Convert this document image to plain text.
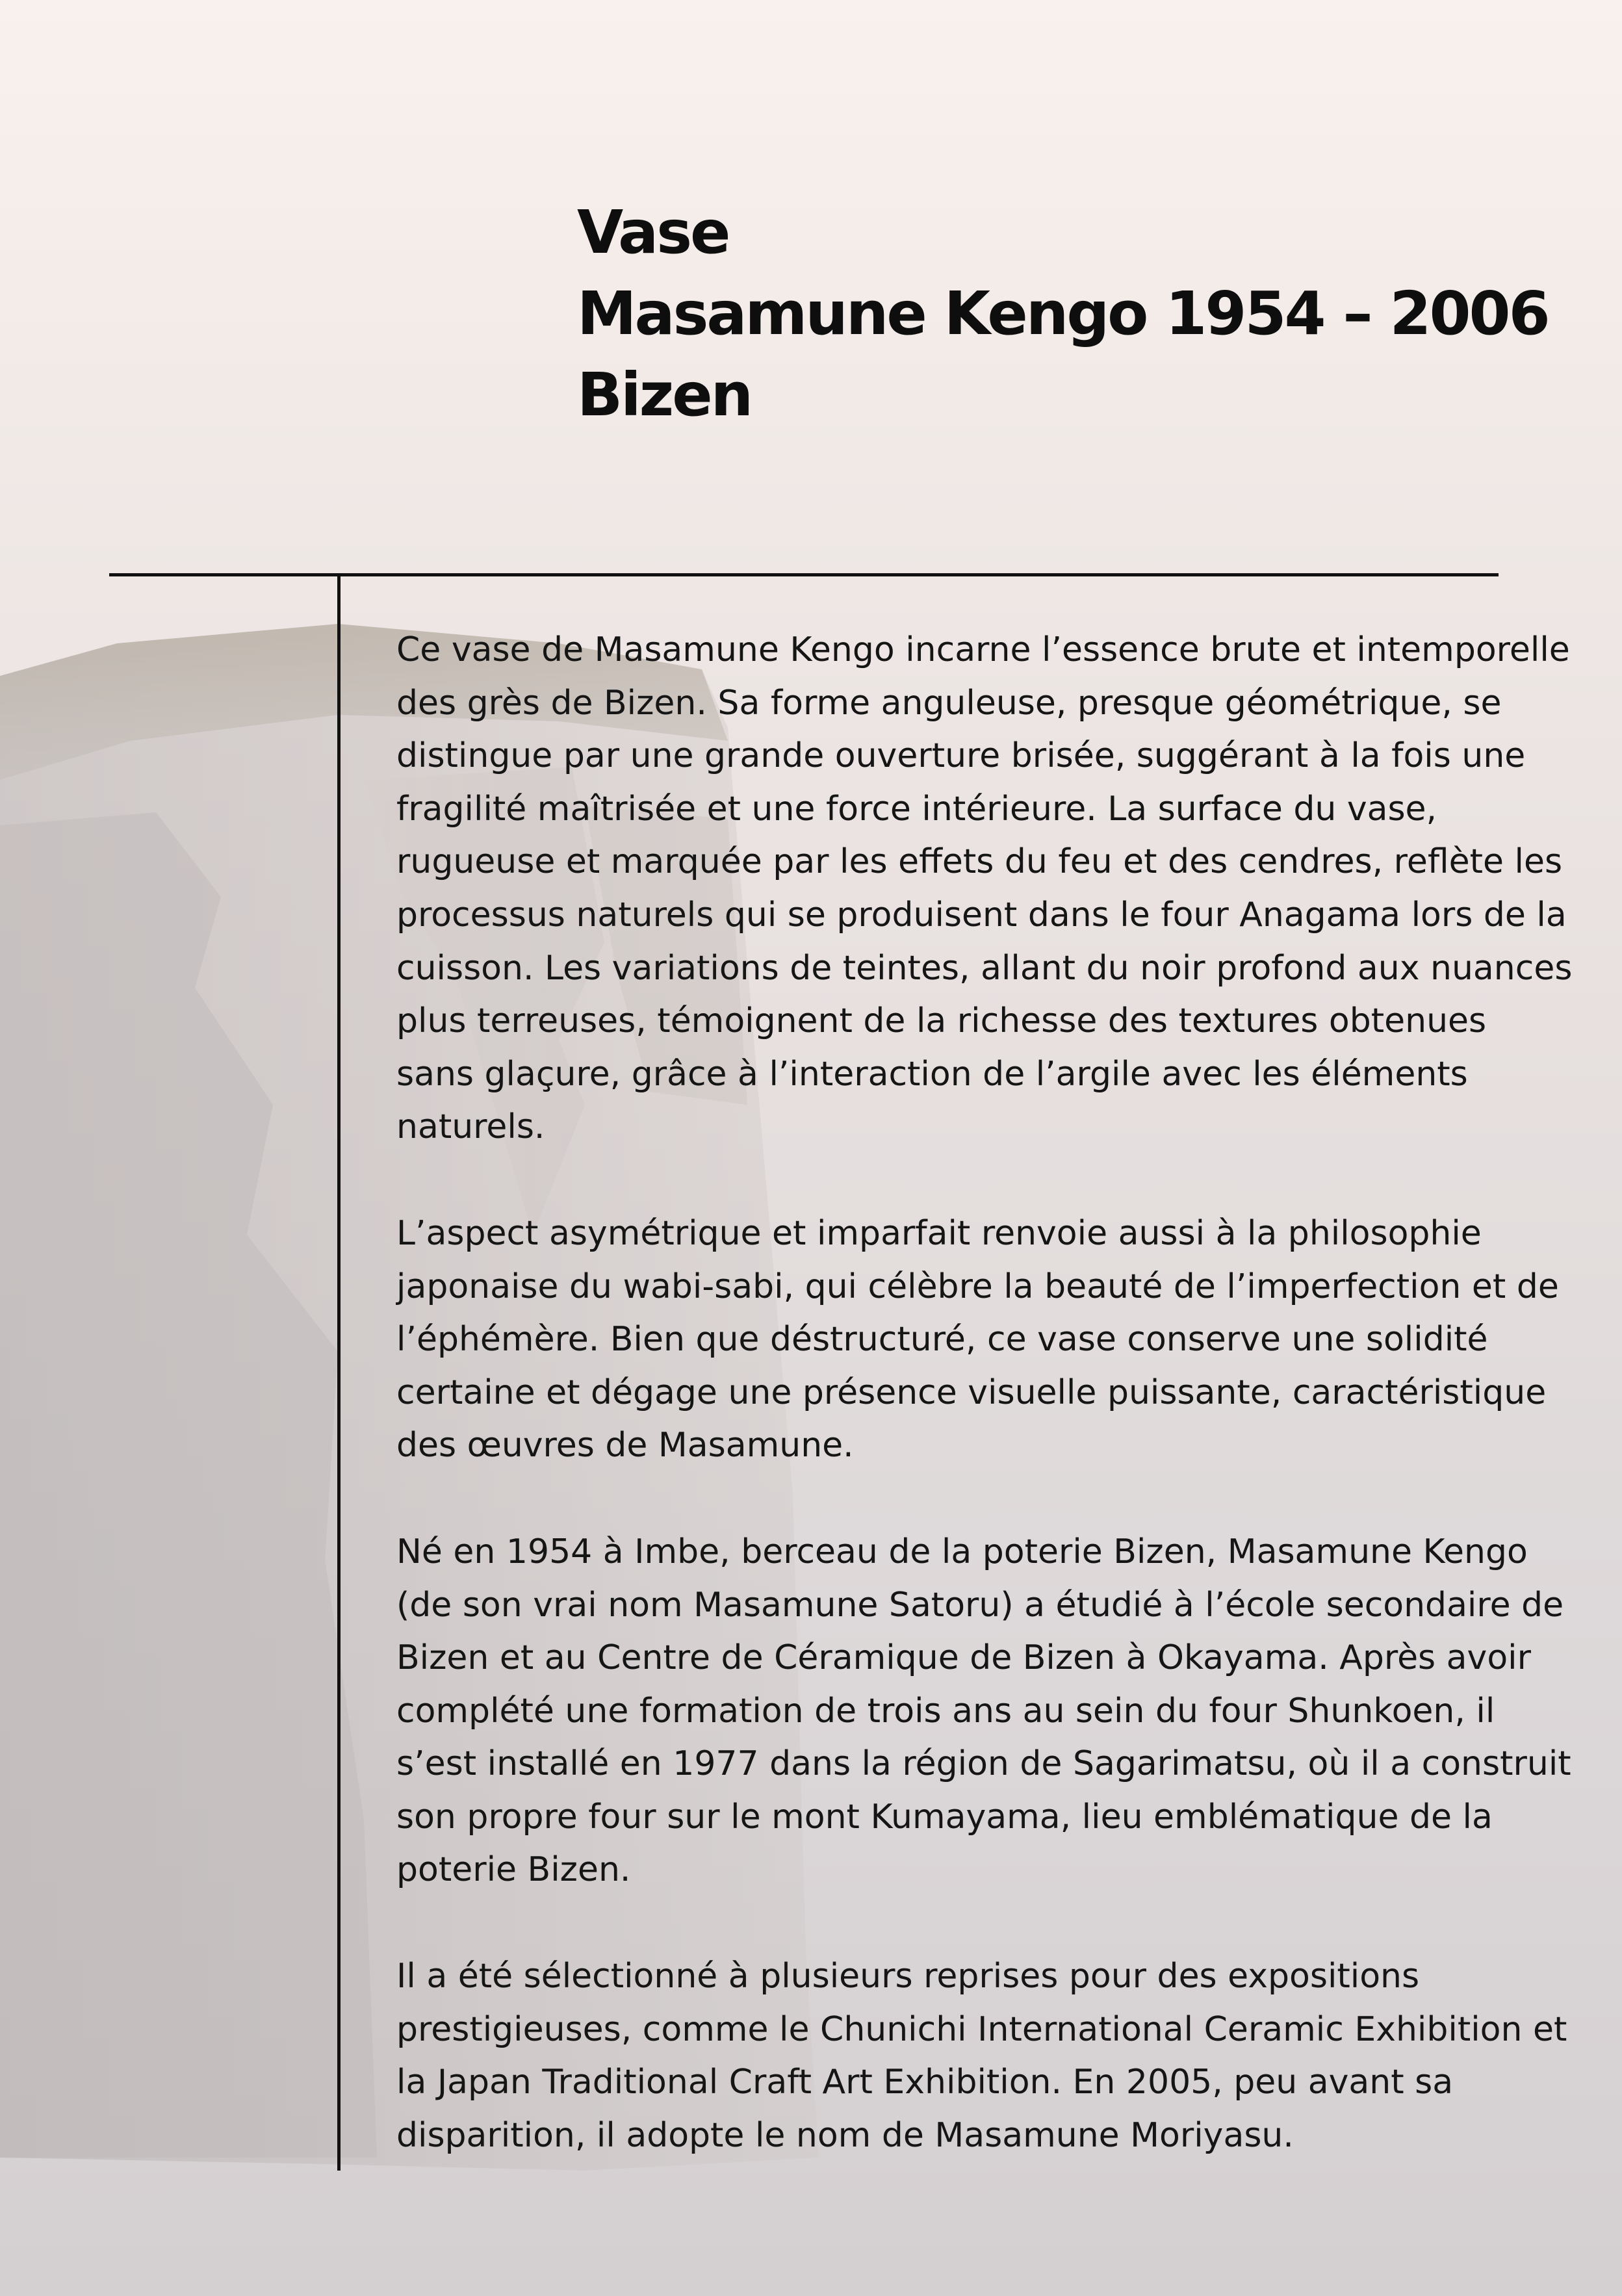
Vase
Masamune Kengo 1954 – 2006
Bizen

Ce vase de Masamune Kengo incarne l’essence brute et intemporelle des grès de Bizen. Sa forme anguleuse, presque géométrique, se distingue par une grande ouverture brisée, suggérant à la fois une fragilité maîtrisée et une force intérieure. La surface du vase, rugueuse et marquée par les effets du feu et des cendres, reflète les processus naturels qui se produisent dans le four Anagama lors de la cuisson. Les variations de teintes, allant du noir profond aux nuances plus terreuses, témoignent de la richesse des textures obtenues sans glaçure, grâce à l’interaction de l’argile avec les éléments naturels.

L’aspect asymétrique et imparfait renvoie aussi à la philosophie japonaise du wabi-sabi, qui célèbre la beauté de l’imperfection et de l’éphémère. Bien que déstructuré, ce vase conserve une solidité certaine et dégage une présence visuelle puissante, caractéristique des œuvres de Masamune.

Né en 1954 à Imbe, berceau de la poterie Bizen, Masamune Kengo (de son vrai nom Masamune Satoru) a étudié à l’école secondaire de Bizen et au Centre de Céramique de Bizen à Okayama. Après avoir complété une formation de trois ans au sein du four Shunkoen, il s’est installé en 1977 dans la région de Sagarimatsu, où il a construit son propre four sur le mont Kumayama, lieu emblématique de la poterie Bizen.

Il a été sélectionné à plusieurs reprises pour des expositions prestigieuses, comme le Chunichi International Ceramic Exhibition et la Japan Traditional Craft Art Exhibition. En 2005, peu avant sa disparition, il adopte le nom de Masamune Moriyasu.
